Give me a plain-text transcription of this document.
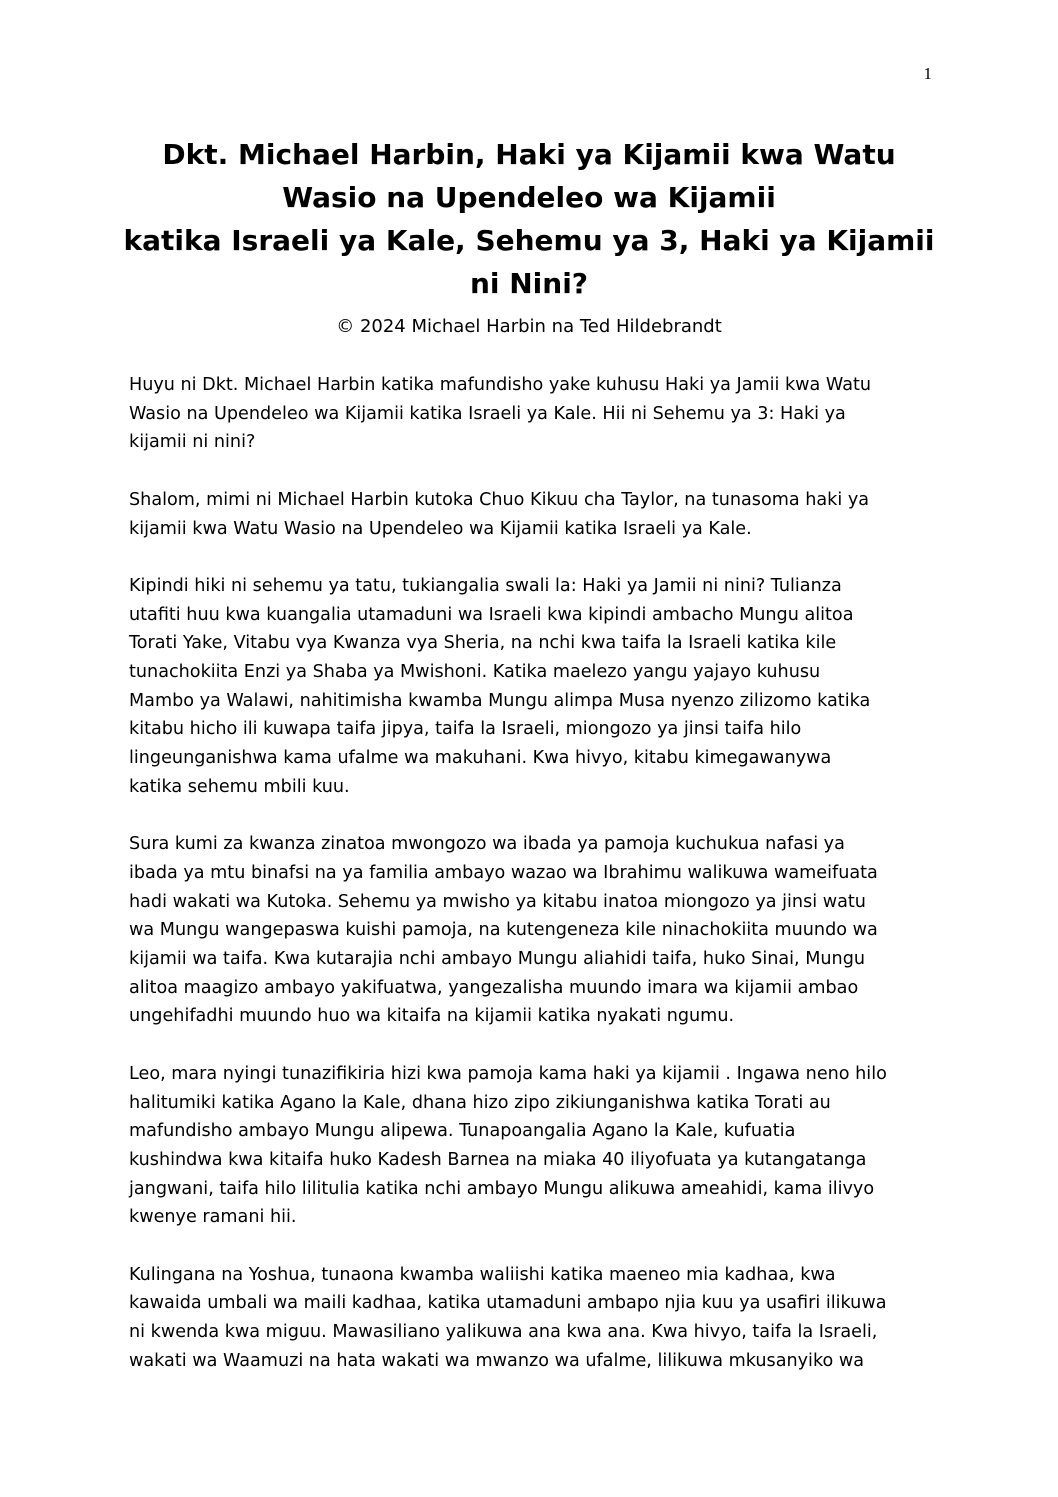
1
Dkt. Michael Harbin, Haki ya Kijamii kwa Watu
Wasio na Upendeleo wa Kijamii
katika Israeli ya Kale, Sehemu ya 3, Haki ya Kijamii
ni Nini?
© 2024 Michael Harbin na Ted Hildebrandt

Huyu ni Dkt. Michael Harbin katika mafundisho yake kuhusu Haki ya Jamii kwa Watu
Wasio na Upendeleo wa Kijamii katika Israeli ya Kale. Hii ni Sehemu ya 3: Haki ya
kijamii ni nini?

Shalom, mimi ni Michael Harbin kutoka Chuo Kikuu cha Taylor, na tunasoma haki ya
kijamii kwa Watu Wasio na Upendeleo wa Kijamii katika Israeli ya Kale.

Kipindi hiki ni sehemu ya tatu, tukiangalia swali la: Haki ya Jamii ni nini? Tulianza
utafiti huu kwa kuangalia utamaduni wa Israeli kwa kipindi ambacho Mungu alitoa
Torati Yake, Vitabu vya Kwanza vya Sheria, na nchi kwa taifa la Israeli katika kile
tunachokiita Enzi ya Shaba ya Mwishoni. Katika maelezo yangu yajayo kuhusu
Mambo ya Walawi, nahitimisha kwamba Mungu alimpa Musa nyenzo zilizomo katika
kitabu hicho ili kuwapa taifa jipya, taifa la Israeli, miongozo ya jinsi taifa hilo
lingeunganishwa kama ufalme wa makuhani. Kwa hivyo, kitabu kimegawanywa
katika sehemu mbili kuu.

Sura kumi za kwanza zinatoa mwongozo wa ibada ya pamoja kuchukua nafasi ya
ibada ya mtu binafsi na ya familia ambayo wazao wa Ibrahimu walikuwa wameifuata
hadi wakati wa Kutoka. Sehemu ya mwisho ya kitabu inatoa miongozo ya jinsi watu
wa Mungu wangepaswa kuishi pamoja, na kutengeneza kile ninachokiita muundo wa
kijamii wa taifa. Kwa kutarajia nchi ambayo Mungu aliahidi taifa, huko Sinai, Mungu
alitoa maagizo ambayo yakifuatwa, yangezalisha muundo imara wa kijamii ambao
ungehifadhi muundo huo wa kitaifa na kijamii katika nyakati ngumu.

Leo, mara nyingi tunazifikiria hizi kwa pamoja kama haki ya kijamii . Ingawa neno hilo
halitumiki katika Agano la Kale, dhana hizo zipo zikiunganishwa katika Torati au
mafundisho ambayo Mungu alipewa. Tunapoangalia Agano la Kale, kufuatia
kushindwa kwa kitaifa huko Kadesh Barnea na miaka 40 iliyofuata ya kutangatanga
jangwani, taifa hilo lilitulia katika nchi ambayo Mungu alikuwa ameahidi, kama ilivyo
kwenye ramani hii.

Kulingana na Yoshua, tunaona kwamba waliishi katika maeneo mia kadhaa, kwa
kawaida umbali wa maili kadhaa, katika utamaduni ambapo njia kuu ya usafiri ilikuwa
ni kwenda kwa miguu. Mawasiliano yalikuwa ana kwa ana. Kwa hivyo, taifa la Israeli,
wakati wa Waamuzi na hata wakati wa mwanzo wa ufalme, lilikuwa mkusanyiko wa
